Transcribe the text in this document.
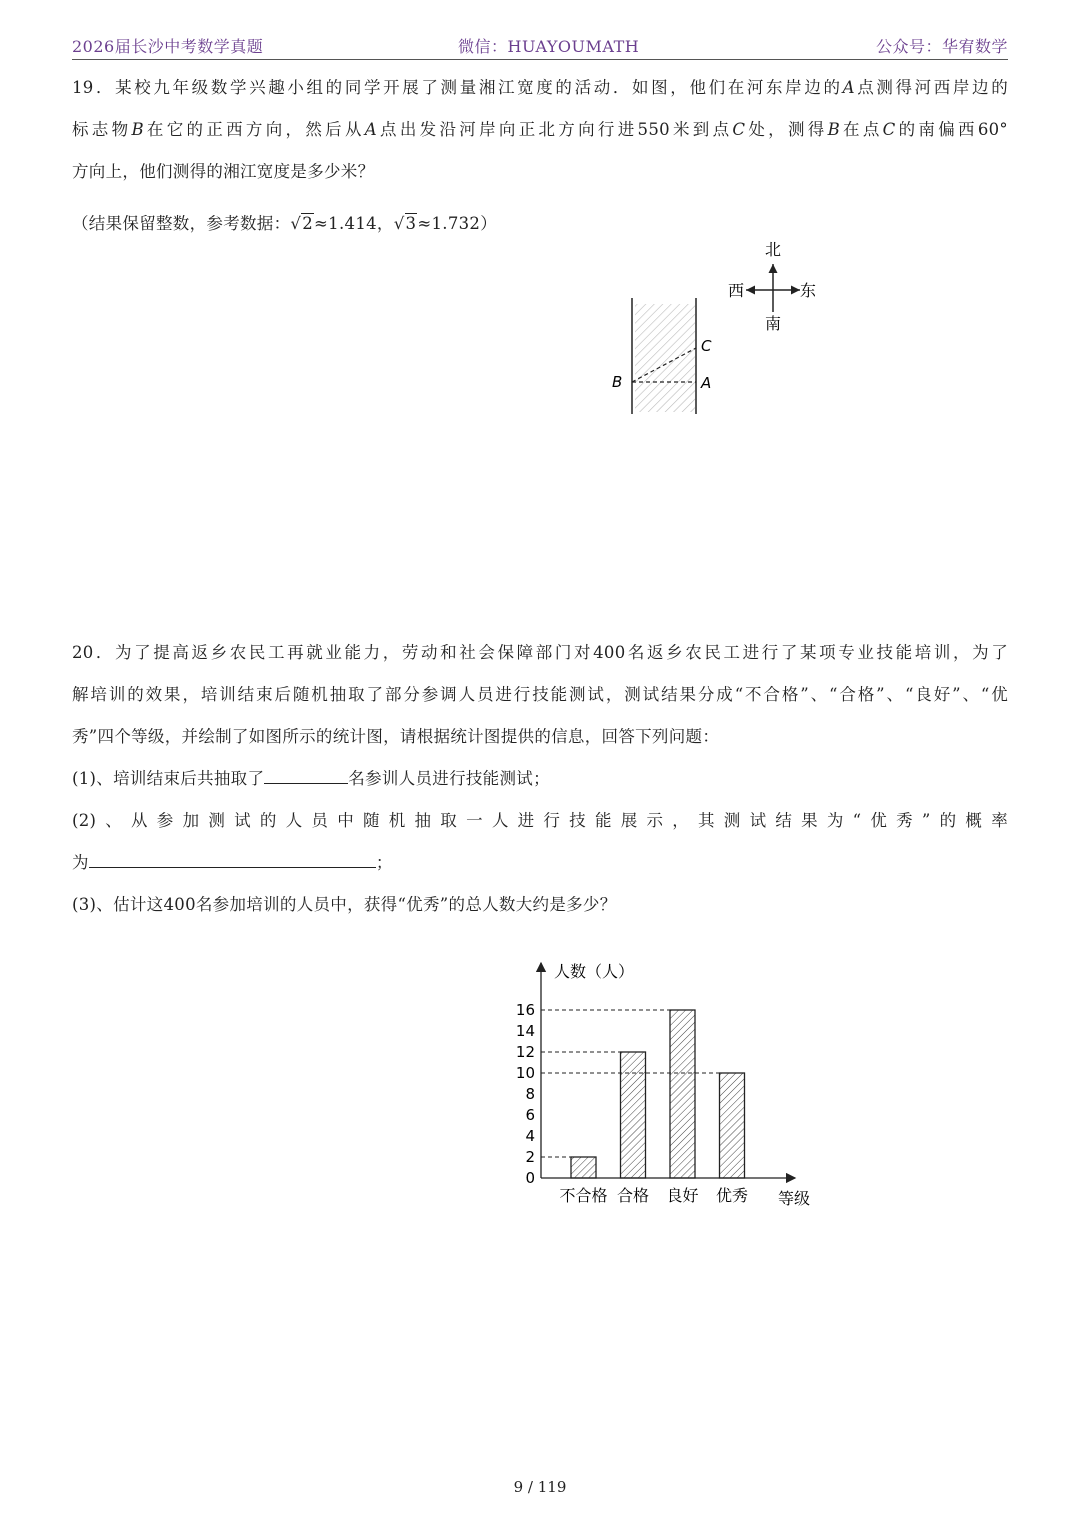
2026届长沙中考数学真题	微信：HUAYOUMATH	公众号：华宥数学

19．某校九年级数学兴趣小组的同学开展了测量湘江宽度的活动．如图，他们在河东岸边的A点测得河西岸边的

标志物B在它的正西方向，然后从A点出发沿河岸向正北方向行进550米到点C处，测得B在点C的南偏西60°

方向上，他们测得的湘江宽度是多少米？

（结果保留整数，参考数据：√2≈1.414，√3≈1.732）

北
南
西	东
B	A
C

20．为了提高返乡农民工再就业能力，劳动和社会保障部门对400名返乡农民工进行了某项专业技能培训，为了

解培训的效果，培训结束后随机抽取了部分参调人员进行技能测试，测试结果分成“不合格”、“合格”、“良好”、“优

秀”四个等级，并绘制了如图所示的统计图，请根据统计图提供的信息，回答下列问题：

(1)、培训结束后共抽取了	名参训人员进行技能测试；

(2)、从参加测试的人员中随机抽取一人进行技能展示，其测试结果为“优秀”的概率

为	；

(3)、估计这400名参加培训的人员中，获得“优秀”的总人数大约是多少？

人数（人）
等级
0
2
4
6
8
10
12
14
16
不合格 合格 良好 优秀
9 / 119
